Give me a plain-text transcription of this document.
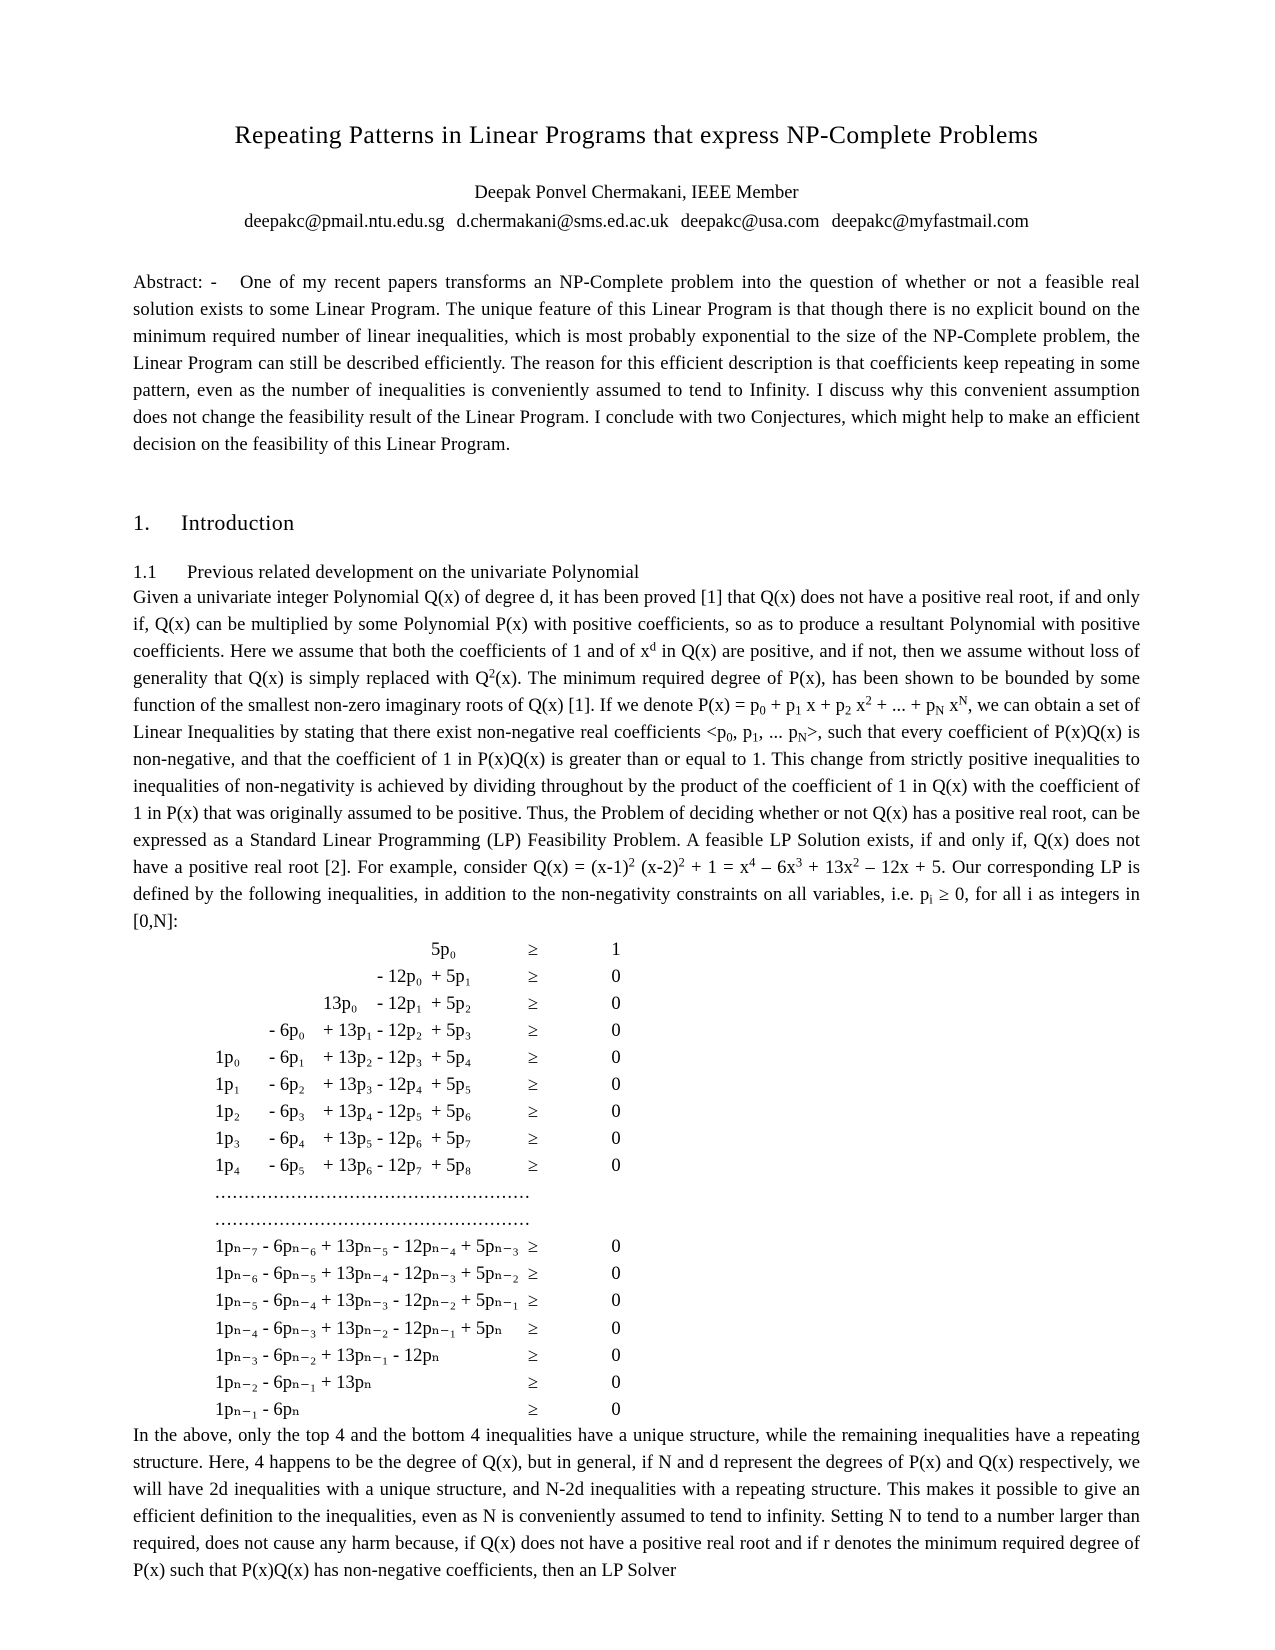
Repeating Patterns in Linear Programs that express NP-Complete Problems
Deepak Ponvel Chermakani, IEEE Member
deepakc@pmail.ntu.edu.sg d.chermakani@sms.ed.ac.uk deepakc@usa.com deepakc@myfastmail.com

Abstract: - One of my recent papers transforms an NP-Complete problem into the question of whether or not a feasible real solution exists to some Linear Program. The unique feature of this Linear Program is that though there is no explicit bound on the minimum required number of linear inequalities, which is most probably exponential to the size of the NP-Complete problem, the Linear Program can still be described efficiently. The reason for this efficient description is that coefficients keep repeating in some pattern, even as the number of inequalities is conveniently assumed to tend to Infinity. I discuss why this convenient assumption does not change the feasibility result of the Linear Program. I conclude with two Conjectures, which might help to make an efficient decision on the feasibility of this Linear Program.

1. Introduction
1.1 Previous related development on the univariate Polynomial

Given a univariate integer Polynomial Q(x) of degree d, it has been proved [1] that Q(x) does not have a positive real root, if and only if, Q(x) can be multiplied by some Polynomial P(x) with positive coefficients, so as to produce a resultant Polynomial with positive coefficients. Here we assume that both the coefficients of 1 and of $x^d$ in Q(x) are positive, and if not, then we assume without loss of generality that Q(x) is simply replaced with $Q^2(x)$. The minimum required degree of P(x), has been shown to be bounded by some function of the smallest non-zero imaginary roots of Q(x) [1]. If we denote $P(x) = p_0 + p_1$ $x + p_2$ $x^2$ + ... + $p_N$ $x^N$, we can obtain a set of Linear Inequalities by stating that there exist non-negative real coefficients $<p_0$, $p_1$, ... $p_N>$, such that every coefficient of P(x)Q(x) is non-negative, and that the coefficient of 1 in P(x)Q(x) is greater than or equal to 1. This change from strictly positive inequalities to inequalities of non-negativity is achieved by dividing throughout by the product of the coefficient of 1 in Q(x) with the coefficient of 1 in P(x) that was originally assumed to be positive. Thus, the Problem of deciding whether or not Q(x) has a positive real root, can be expressed as a Standard Linear Programming (LP) Feasibility Problem. A feasible LP Solution exists, if and only if, Q(x) does not have a positive real root [2]. For example, consider $Q(x) = (x-1)^2$ $(x-2)^2 + 1 = x^4 - 6x^3 + 13x^2 - 12x + 5$. Our corresponding LP is defined by the following inequalities, in addition to the non-negativity constraints on all variables, i.e. $p_i \ge 0$, for all i as integers in [0,N]:

5p₀	≥	1
- 12p₀ + 5p₁	≥	0
13p₀	- 12p₁ + 5p₂	≥	0
- 6p₀ + 13p₁ - 12p₂ + 5p₃	≥	0
1p₀	- 6p₁ + 13p₂ - 12p₃ + 5p₄	≥	0
1p₁	- 6p₂ + 13p₃ - 12p₄ + 5p₅	≥	0
1p₂	- 6p₃ + 13p₄ - 12p₅ + 5p₆	≥	0
1p₃	- 6p₄ + 13p₅ - 12p₆ + 5p₇	≥	0
1p₄	- 6p₅ + 13p₆ - 12p₇ + 5p₈	≥	0
......................................................
......................................................
1pₙ₋₇ - 6pₙ₋₆ + 13pₙ₋₅ - 12pₙ₋₄ + 5pₙ₋₃ ≥	0
1pₙ₋₆ - 6pₙ₋₅ + 13pₙ₋₄ - 12pₙ₋₃ + 5pₙ₋₂ ≥	0
1pₙ₋₅ - 6pₙ₋₄ + 13pₙ₋₃ - 12pₙ₋₂ + 5pₙ₋₁ ≥	0
1pₙ₋₄ - 6pₙ₋₃ + 13pₙ₋₂ - 12pₙ₋₁ + 5pₙ	≥	0
1pₙ₋₃ - 6pₙ₋₂ + 13pₙ₋₁ - 12pₙ	≥	0
1pₙ₋₂ - 6pₙ₋₁ + 13pₙ	≥	0
1pₙ₋₁ - 6pₙ	≥	0

In the above, only the top 4 and the bottom 4 inequalities have a unique structure, while the remaining inequalities have a repeating structure. Here, 4 happens to be the degree of Q(x), but in general, if N and d represent the degrees of P(x) and Q(x) respectively, we will have 2d inequalities with a unique structure, and N-2d inequalities with a repeating structure. This makes it possible to give an efficient definition to the inequalities, even as N is conveniently assumed to tend to infinity. Setting N to tend to a number larger than required, does not cause any harm because, if Q(x) does not have a positive real root and if r denotes the minimum required degree of P(x) such that P(x)Q(x) has non-negative coefficients, then an LP Solver
